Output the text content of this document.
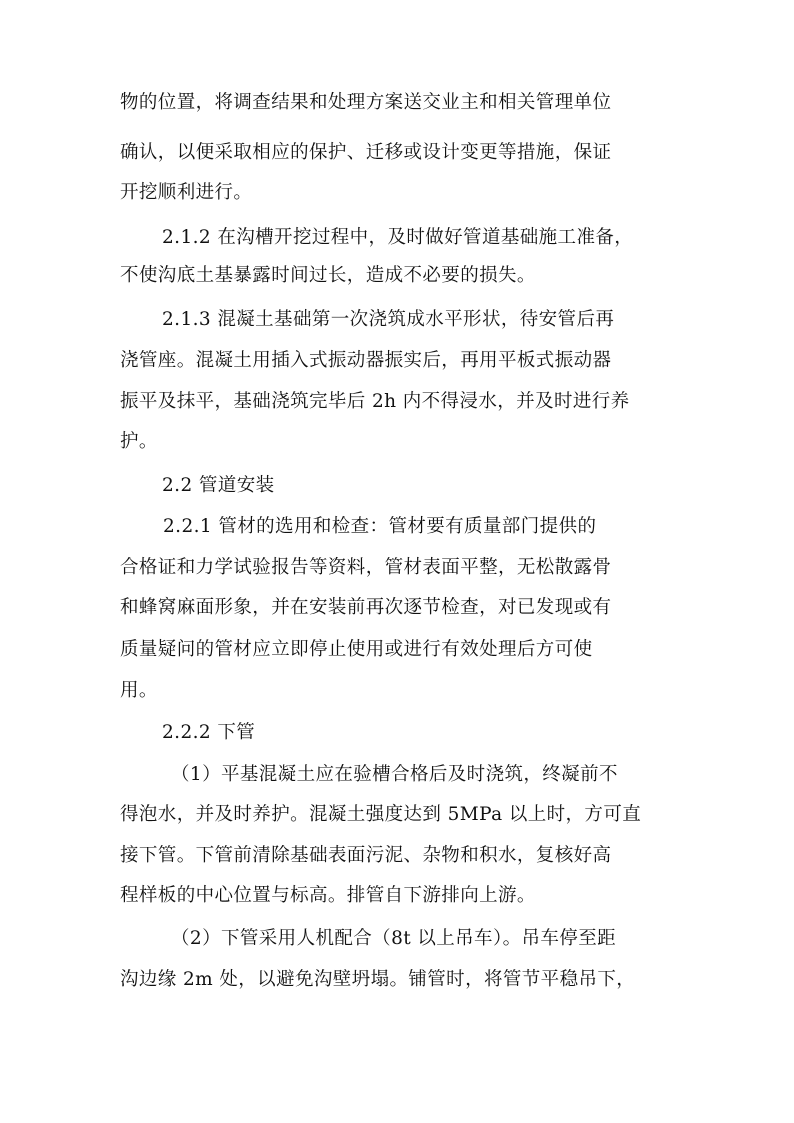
物的位置，将调查结果和处理方案送交业主和相关管理单位
确认，以便采取相应的保护、迁移或设计变更等措施，保证
开挖顺利进行。
2.1.2 在沟槽开挖过程中，及时做好管道基础施工准备，
不使沟底土基暴露时间过长，造成不必要的损失。
2.1.3 混凝土基础第一次浇筑成水平形状，待安管后再
浇管座。混凝土用插入式振动器振实后，再用平板式振动器
振平及抹平，基础浇筑完毕后 2h 内不得浸水，并及时进行养
护。
2.2 管道安装
2.2.1 管材的选用和检查：管材要有质量部门提供的
合格证和力学试验报告等资料，管材表面平整，无松散露骨
和蜂窝麻面形象，并在安装前再次逐节检查，对已发现或有
质量疑问的管材应立即停止使用或进行有效处理后方可使
用。
2.2.2 下管
（1）平基混凝土应在验槽合格后及时浇筑，终凝前不
得泡水，并及时养护。混凝土强度达到 5MPa 以上时，方可直
接下管。下管前清除基础表面污泥、杂物和积水，复核好高
程样板的中心位置与标高。排管自下游排向上游。
（2）下管采用人机配合（8t 以上吊车）。吊车停至距
沟边缘 2m 处，以避免沟壁坍塌。铺管时，将管节平稳吊下，
